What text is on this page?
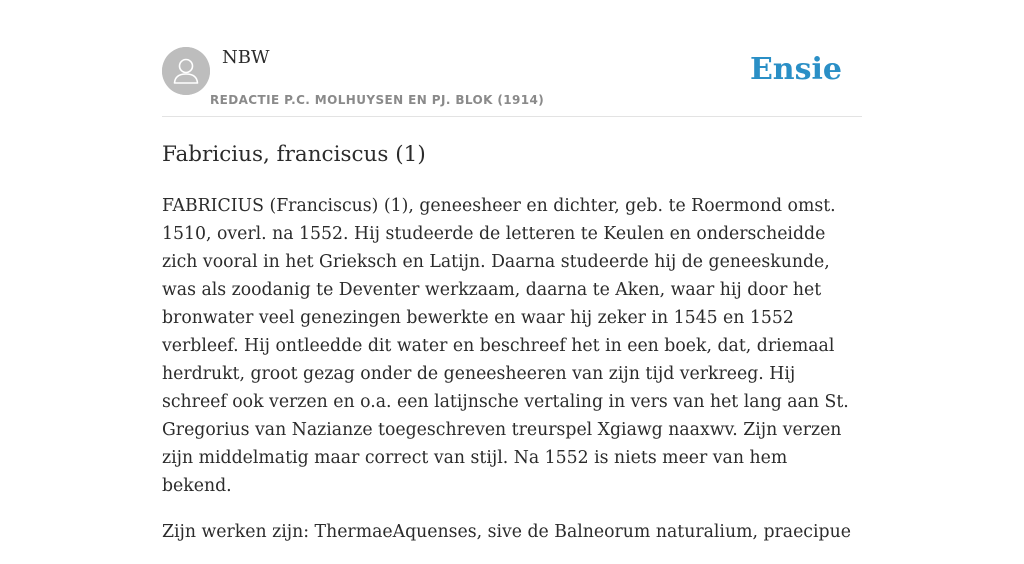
NBW
REDACTIE P.C. MOLHUYSEN EN PJ. BLOK (1914)
Ensie
Fabricius, franciscus (1)

FABRICIUS (Franciscus) (1), geneesheer en dichter, geb. te Roermond omst. 1510, overl. na 1552. Hij studeerde de letteren te Keulen en onderscheidde zich vooral in het Grieksch en Latijn. Daarna studeerde hij de geneeskunde, was als zoodanig te Deventer werkzaam, daarna te Aken, waar hij door het bronwater veel genezingen bewerkte en waar hij zeker in 1545 en 1552 verbleef. Hij ontleedde dit water en beschreef het in een boek, dat, driemaal herdrukt, groot gezag onder de geneesheeren van zijn tijd verkreeg. Hij schreef ook verzen en o.a. een latijnsche vertaling in vers van het lang aan St. Gregorius van Nazianze toegeschreven treurspel Xgiawg naaxwv. Zijn verzen zijn middelmatig maar correct van stijl. Na 1552 is niets meer van hem bekend.

Zijn werken zijn: ThermaeAquenses, sive de Balneorum naturalium, praecipue
